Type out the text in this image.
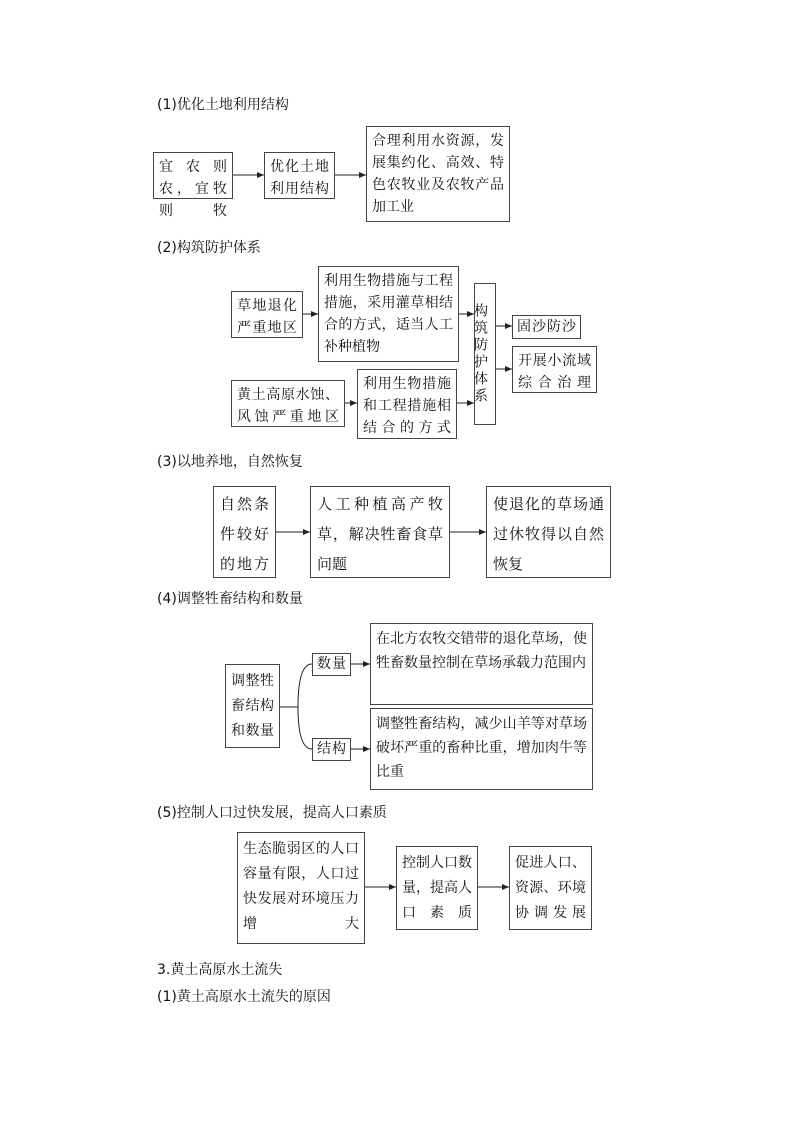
(1)优化土地利用结构
宜农则农，宜牧则牧
优化土地利用结构
合理利用水资源，发展集约化、高效、特色农牧业及农牧产品加工业
(2)构筑防护体系
草地退化严重地区
利用生物措施与工程措施，采用灌草相结合的方式，适当人工补种植物
黄土高原水蚀、风蚀严重地区
利用生物措施和工程措施相结合的方式
构筑防护体系	固沙防沙
开展小流域综合治理
(3)以地养地，自然恢复
自然条件较好的地方
人工种植高产牧草，解决牲畜食草问题
使退化的草场通过休牧得以自然恢复
(4)调整牲畜结构和数量
调整牲畜结构和数量
数量
在北方农牧交错带的退化草场，使牲畜数量控制在草场承载力范围内
结构
调整牲畜结构，减少山羊等对草场破坏严重的畜种比重，增加肉牛等比重
(5)控制人口过快发展，提高人口素质
生态脆弱区的人口容量有限，人口过快发展对环境压力增大
控制人口数量，提高人口素质
促进人口、资源、环境协调发展
3.黄土高原水土流失
(1)黄土高原水土流失的原因
